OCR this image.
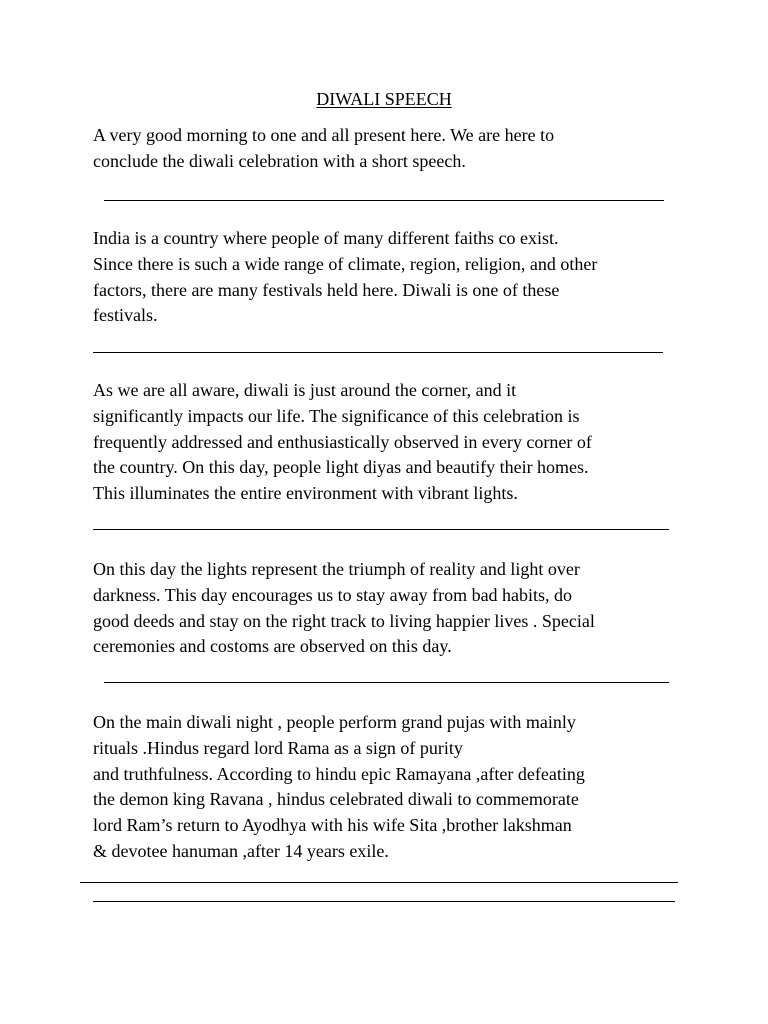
DIWALI SPEECH

A very good morning to one and all present here. We are here to
conclude the diwali celebration with a short speech.

India is a country where people of many different faiths co exist.
Since there is such a wide range of climate, region, religion, and other
factors, there are many festivals held here. Diwali is one of these
festivals.

As we are all aware, diwali is just around the corner, and it
significantly impacts our life. The significance of this celebration is
frequently addressed and enthusiastically observed in every corner of
the country. On this day, people light diyas and beautify their homes.
This illuminates the entire environment with vibrant lights.

On this day the lights represent the triumph of reality and light over
darkness. This day encourages us to stay away from bad habits, do
good deeds and stay on the right track to living happier lives . Special
ceremonies and costoms are observed on this day.

On the main diwali night , people perform grand pujas with mainly
rituals .Hindus regard lord Rama as a sign of purity
and truthfulness. According to hindu epic Ramayana ,after defeating
the demon king Ravana , hindus celebrated diwali to commemorate
lord Ram’s return to Ayodhya with his wife Sita ,brother lakshman
& devotee hanuman ,after 14 years exile.
